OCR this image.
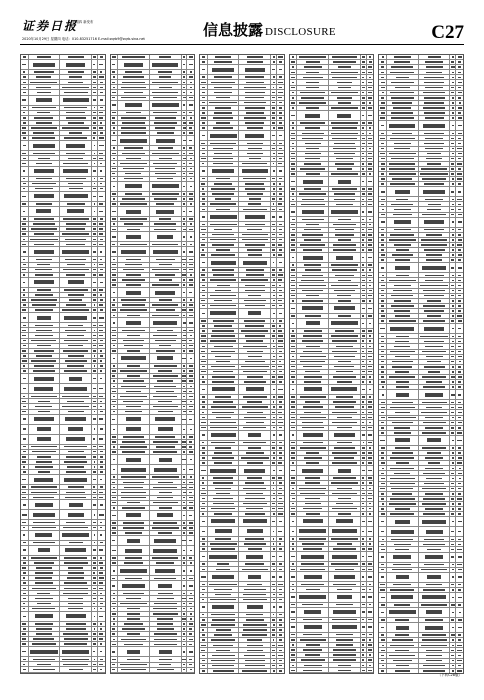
证券日报
星期四 新发布
2020年10月29日 星期四 电话：010-83251716 E-mail:zqrb9@zqrb.sina.net	信息披露 DISCLOSURE	C27
（下转C28版）
